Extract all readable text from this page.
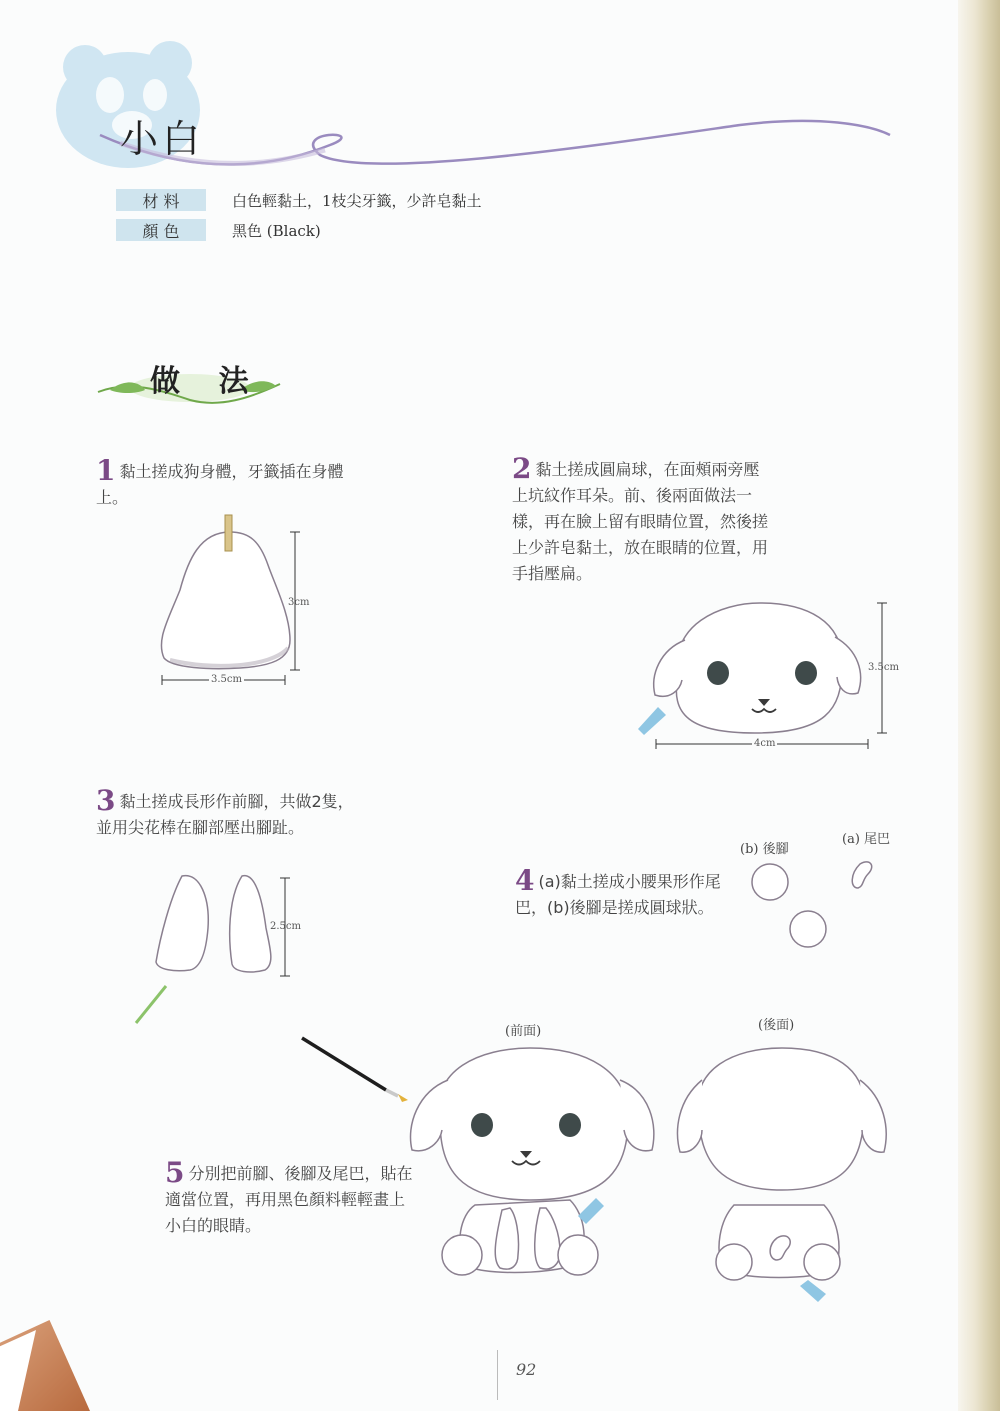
小白
材 料	白色輕黏土，1枝尖牙籤，少許皂黏土
顏 色	黑色 (Black)
做 法
1 黏土搓成狗身體，牙籤插在身體上。
3cm
3.5cm
2 黏土搓成圓扁球，在面頰兩旁壓上坑紋作耳朵。前、後兩面做法一樣，再在臉上留有眼睛位置，然後搓上少許皂黏土，放在眼睛的位置，用手指壓扁。
3.5cm
4cm
3 黏土搓成長形作前腳，共做2隻，並用尖花棒在腳部壓出腳趾。
2.5cm
4 (a)黏土搓成小腰果形作尾巴，(b)後腳是搓成圓球狀。
(b) 後腳
(a) 尾巴
(前面)	(後面)
5 分別把前腳、後腳及尾巴，貼在適當位置，再用黑色顏料輕輕畫上小白的眼睛。
92
